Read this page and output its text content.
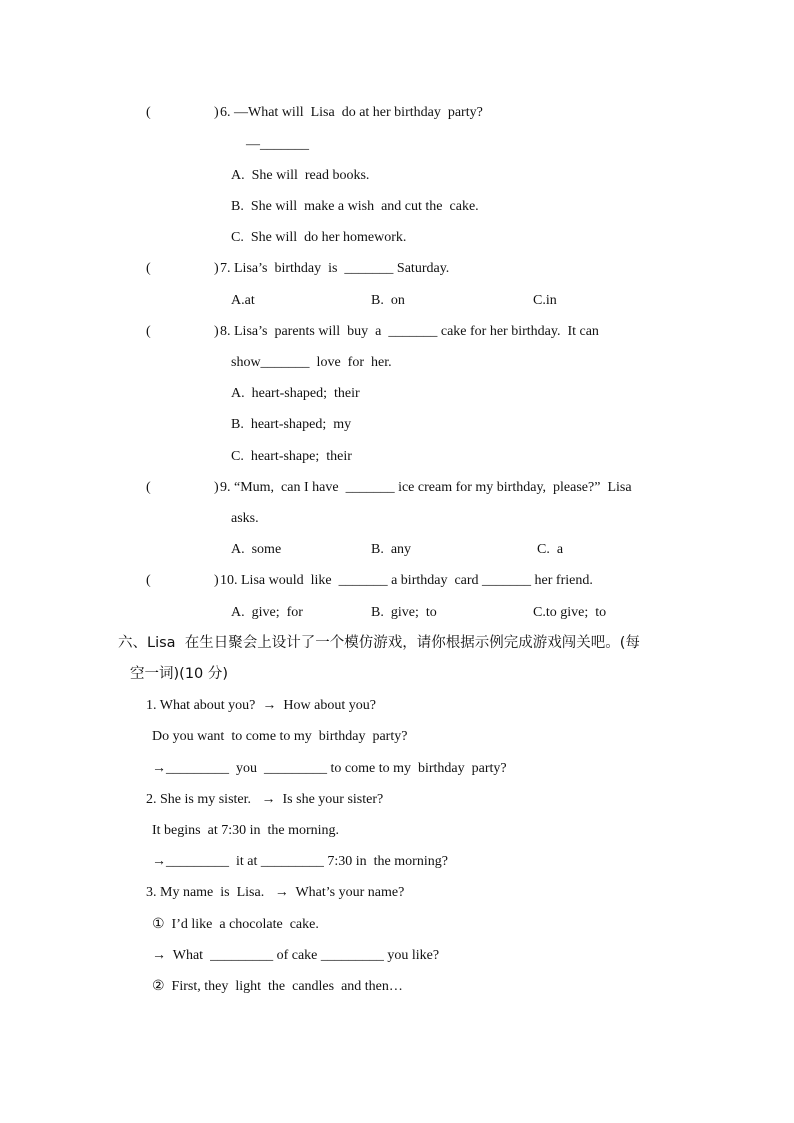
(	) 6. —What will  Lisa  do at her birthday  party?
—_______
A.  She will  read books.
B.  She will  make a wish  and cut the  cake.
C.  She will  do her homework.
(	) 7. Lisa’s  birthday  is  _______ Saturday.
A.at	B.  on	C.in
(	) 8. Lisa’s  parents will  buy  a  _______ cake for her birthday.  It can
show_______  love  for  her.
A.  heart-shaped;  their
B.  heart-shaped;  my
C.  heart-shape;  their
(	) 9. “Mum,  can I have  _______ ice cream for my birthday,  please?”  Lisa
asks.
A.  some	B.  any	C.  a
(	) 10. Lisa would  like  _______ a birthday  card _______ her friend.
A.  give;  for	B.  give;  to	C.to give;  to
六、Lisa  在生日聚会上设计了一个模仿游戏，请你根据示例完成游戏闯关吧。(每
空一词)(10 分)
1. What about you?  →  How about you?
Do you want  to come to my  birthday  party?
→_________  you  _________ to come to my  birthday  party?
2. She is my sister.   →  Is she your sister?
It begins  at 7:30 in  the morning.
→_________  it at _________ 7:30 in  the morning?
3. My name  is  Lisa.   →  What’s your name?
①  I’d like  a chocolate  cake.
→  What  _________ of cake _________ you like?
②  First, they  light  the  candles  and then…
